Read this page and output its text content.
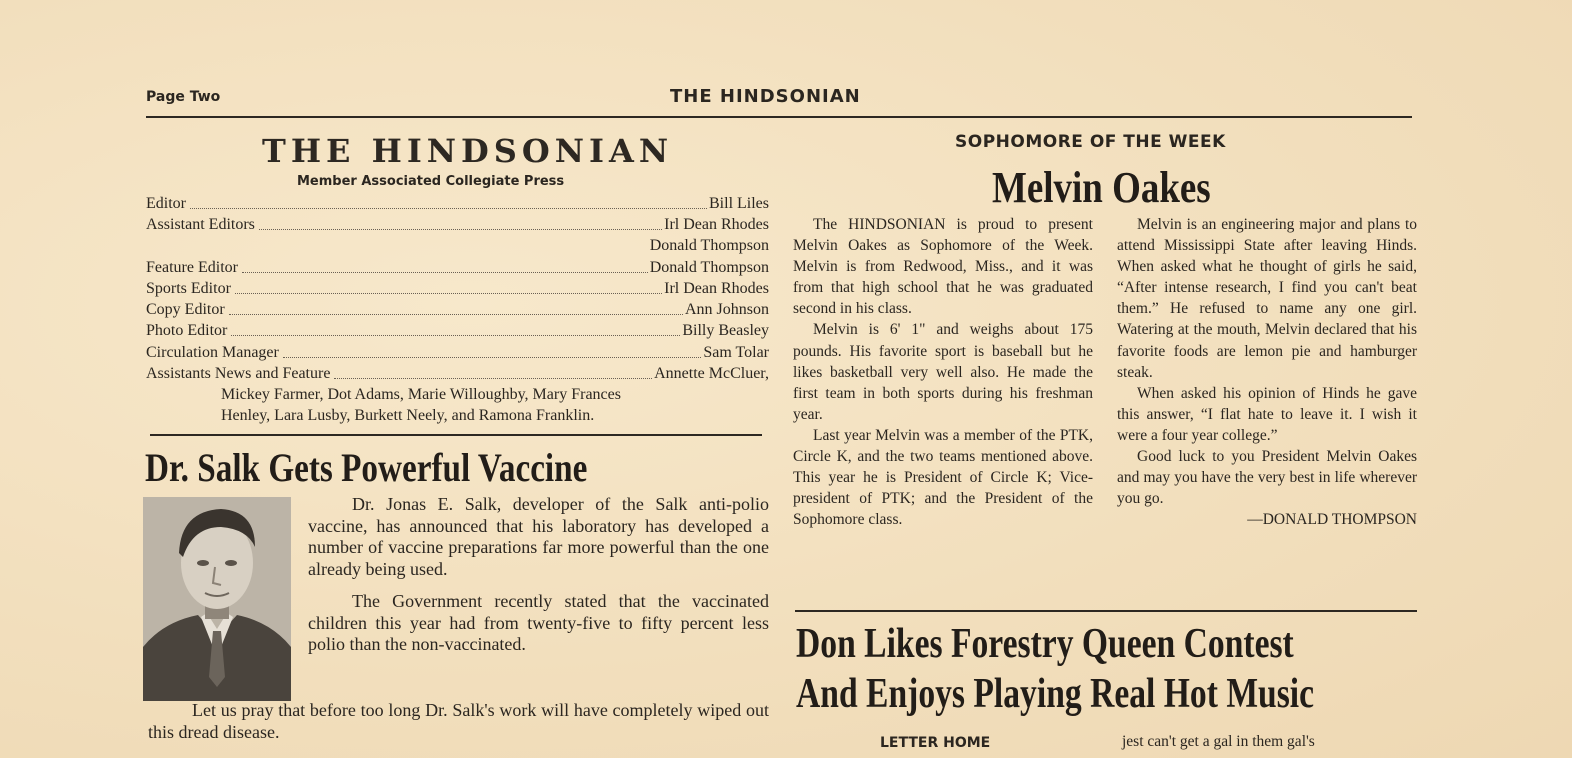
Page Two	THE HINDSONIAN
THE HINDSONIAN
Member Associated Collegiate Press
Editor	Bill Liles
Assistant Editors	Irl Dean Rhodes
Donald Thompson
Feature Editor	Donald Thompson
Sports Editor	Irl Dean Rhodes
Copy Editor	Ann Johnson
Photo Editor	Billy Beasley
Circulation Manager	Sam Tolar
Assistants News and Feature	Annette McCluer,
Mickey Farmer, Dot Adams, Marie Willoughby, Mary Frances
Henley, Lara Lusby, Burkett Neely, and Ramona Franklin.
Dr. Salk Gets Powerful Vaccine

Dr. Jonas E. Salk, developer of the Salk anti-polio vaccine, has announced that his laboratory has developed a number of vaccine preparations far more powerful than the one already being used.

The Government recently stated that the vaccinated children this year had from twenty-five to fifty percent less polio than the non-vaccinated.

Let us pray that before too long Dr. Salk's work will have completely wiped out this dread disease.

SOPHOMORE OF THE WEEK
Melvin Oakes

The HINDSONIAN is proud to present Melvin Oakes as Sophomore of the Week. Melvin is from Redwood, Miss., and it was from that high school that he was graduated second in his class.

Melvin is 6' 1" and weighs about 175 pounds. His favorite sport is baseball but he likes basketball very well also. He made the first team in both sports during his freshman year.

Last year Melvin was a member of the PTK, Circle K, and the two teams mentioned above. This year he is President of Circle K; Vice-president of PTK; and the President of the Sophomore class.

Melvin is an engineering major and plans to attend Mississippi State after leaving Hinds. When asked what he thought of girls he said, “After intense research, I find you can't beat them.” He refused to name any one girl. Watering at the mouth, Melvin declared that his favorite foods are lemon pie and hamburger steak.

When asked his opinion of Hinds he gave this answer, “I flat hate to leave it. I wish it were a four year college.”

Good luck to you President Melvin Oakes and may you have the very best in life wherever you go.

—DONALD THOMPSON

Don Likes Forestry Queen Contest
And Enjoys Playing Real Hot Music
LETTER HOME	jest can't get a gal in them gal's
